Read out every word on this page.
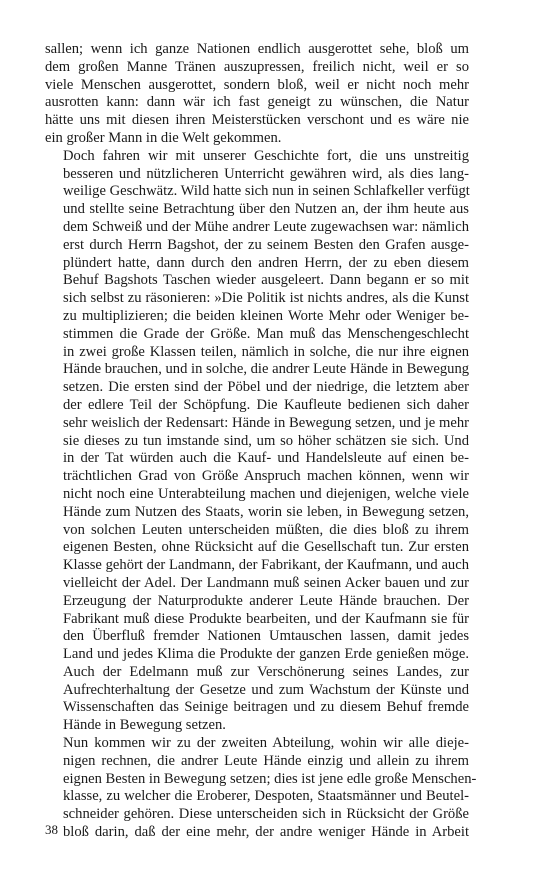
sallen; wenn ich ganze Nationen endlich ausgerottet sehe, bloß um
dem großen Manne Tränen auszupressen, freilich nicht, weil er so
viele Menschen ausgerottet, sondern bloß, weil er nicht noch mehr
ausrotten kann: dann wär ich fast geneigt zu wünschen, die Natur
hätte uns mit diesen ihren Meisterstücken verschont und es wäre nie
ein großer Mann in die Welt gekommen.
Doch fahren wir mit unserer Geschichte fort, die uns unstreitig
besseren und nützlicheren Unterricht gewähren wird, als dies lang-
weilige Geschwätz. Wild hatte sich nun in seinen Schlafkeller verfügt
und stellte seine Betrachtung über den Nutzen an, der ihm heute aus
dem Schweiß und der Mühe andrer Leute zugewachsen war: nämlich
erst durch Herrn Bagshot, der zu seinem Besten den Grafen ausge-
plündert hatte, dann durch den andren Herrn, der zu eben diesem
Behuf Bagshots Taschen wieder ausgeleert. Dann begann er so mit
sich selbst zu räsonieren: »Die Politik ist nichts andres, als die Kunst
zu multiplizieren; die beiden kleinen Worte Mehr oder Weniger be-
stimmen die Grade der Größe. Man muß das Menschengeschlecht
in zwei große Klassen teilen, nämlich in solche, die nur ihre eignen
Hände brauchen, und in solche, die andrer Leute Hände in Bewegung
setzen. Die ersten sind der Pöbel und der niedrige, die letztem aber
der edlere Teil der Schöpfung. Die Kaufleute bedienen sich daher
sehr weislich der Redensart: Hände in Bewegung setzen, und je mehr
sie dieses zu tun imstande sind, um so höher schätzen sie sich. Und
in der Tat würden auch die Kauf- und Handelsleute auf einen be-
trächtlichen Grad von Größe Anspruch machen können, wenn wir
nicht noch eine Unterabteilung machen und diejenigen, welche viele
Hände zum Nutzen des Staats, worin sie leben, in Bewegung setzen,
von solchen Leuten unterscheiden müßten, die dies bloß zu ihrem
eigenen Besten, ohne Rücksicht auf die Gesellschaft tun. Zur ersten
Klasse gehört der Landmann, der Fabrikant, der Kaufmann, und auch
vielleicht der Adel. Der Landmann muß seinen Acker bauen und zur
Erzeugung der Naturprodukte anderer Leute Hände brauchen. Der
Fabrikant muß diese Produkte bearbeiten, und der Kaufmann sie für
den Überfluß fremder Nationen Umtauschen lassen, damit jedes
Land und jedes Klima die Produkte der ganzen Erde genießen möge.
Auch der Edelmann muß zur Verschönerung seines Landes, zur
Aufrechterhaltung der Gesetze und zum Wachstum der Künste und
Wissenschaften das Seinige beitragen und zu diesem Behuf fremde
Hände in Bewegung setzen.
Nun kommen wir zu der zweiten Abteilung, wohin wir alle dieje-
nigen rechnen, die andrer Leute Hände einzig und allein zu ihrem
eignen Besten in Bewegung setzen; dies ist jene edle große Menschen-
klasse, zu welcher die Eroberer, Despoten, Staatsmänner und Beutel-
schneider gehören. Diese unterscheiden sich in Rücksicht der Größe
bloß darin, daß der eine mehr, der andre weniger Hände in Arbeit
38
